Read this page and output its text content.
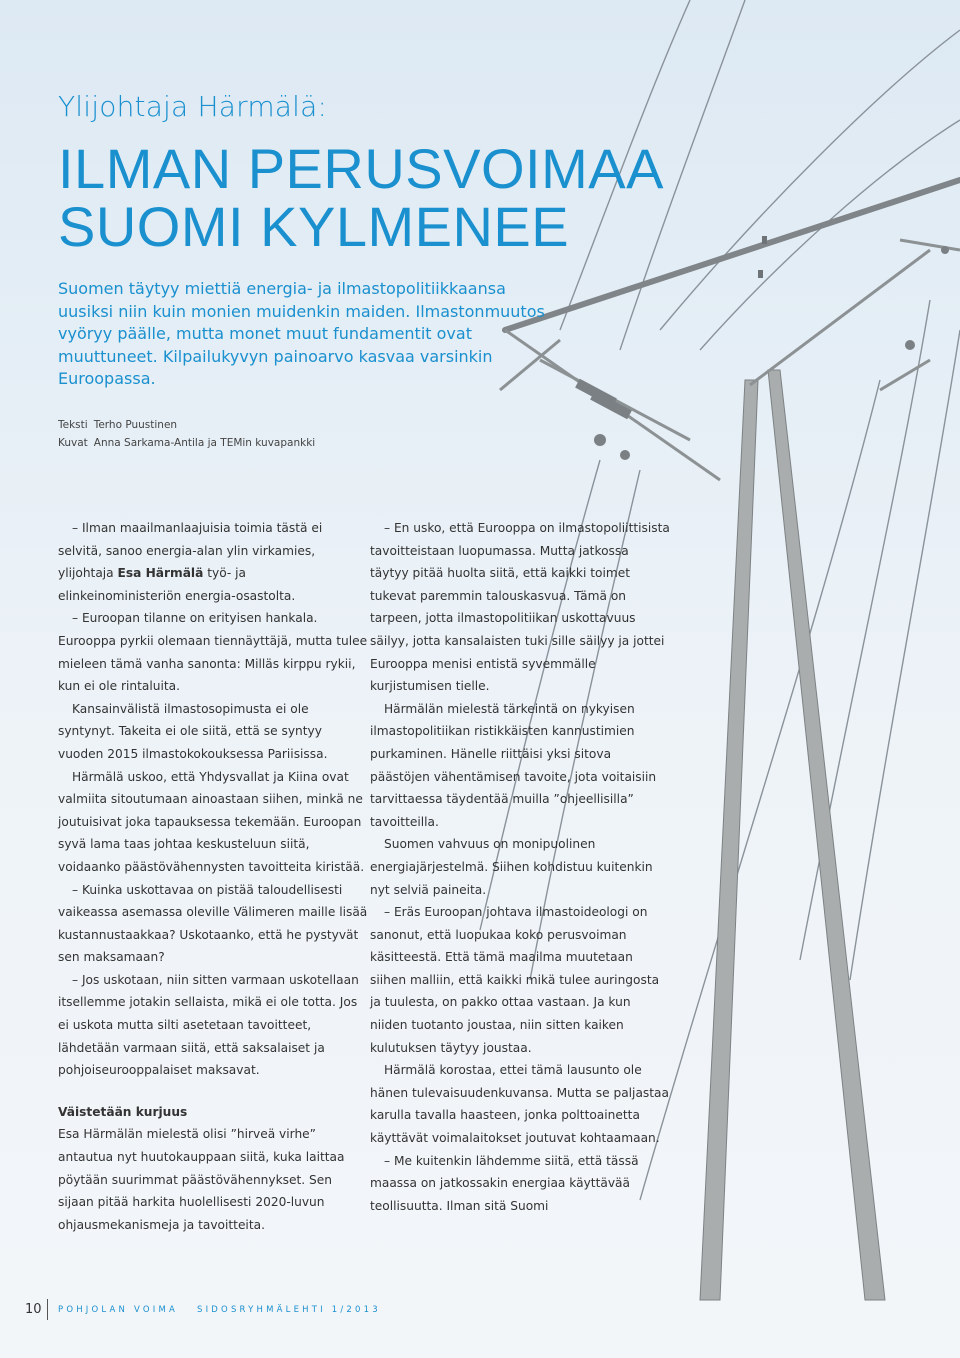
Ylijohtaja Härmälä:
ILMAN PERUSVOIMAA
SUOMI KYLMENEE

Suomen täytyy miettiä energia- ja ilmastopolitiikkaansa uusiksi niin kuin monien muidenkin maiden. Ilmastonmuutos vyöryy päälle, mutta monet muut fundamentit ovat muuttuneet. Kilpailukyvyn painoarvo kasvaa varsinkin Euroopassa.

Teksti Terho Puustinen
Kuvat Anna Sarkama-Antila ja TEMin kuvapankki

– Ilman maailmanlaajuisia toimia tästä ei selvitä, sanoo energia-alan ylin virkamies, ylijohtaja Esa Härmälä työ- ja elinkeinoministeriön energia-osastolta.

– Euroopan tilanne on erityisen hankala. Eurooppa pyrkii olemaan tiennäyttäjä, mutta tulee mieleen tämä vanha sanonta: Milläs kirppu rykii, kun ei ole rintaluita.

Kansainvälistä ilmastosopimusta ei ole syntynyt. Takeita ei ole siitä, että se syntyy vuoden 2015 ilmastokokouksessa Pariisissa.

Härmälä uskoo, että Yhdysvallat ja Kiina ovat valmiita sitoutumaan ainoastaan siihen, minkä ne joutuisivat joka tapauksessa tekemään. Euroopan syvä lama taas johtaa keskusteluun siitä, voidaanko päästövähennysten tavoitteita kiristää.

– Kuinka uskottavaa on pistää taloudellisesti vaikeassa asemassa oleville Välimeren maille lisää kustannustaakkaa? Uskotaanko, että he pystyvät sen maksamaan?

– Jos uskotaan, niin sitten varmaan uskotellaan itsellemme jotakin sellaista, mikä ei ole totta. Jos ei uskota mutta silti asetetaan tavoitteet, lähdetään varmaan siitä, että saksalaiset ja pohjoiseurooppalaiset maksavat.

Väistetään kurjuus

Esa Härmälän mielestä olisi ”hirveä virhe” antautua nyt huutokauppaan siitä, kuka laittaa pöytään suurimmat päästövähennykset. Sen sijaan pitää harkita huolellisesti 2020-luvun ohjausmekanismeja ja tavoitteita.

– En usko, että Eurooppa on ilmastopoliittisista tavoitteistaan luopumassa. Mutta jatkossa täytyy pitää huolta siitä, että kaikki toimet tukevat paremmin talouskasvua. Tämä on tarpeen, jotta ilmastopolitiikan uskottavuus säilyy, jotta kansalaisten tuki sille säilyy ja jottei Eurooppa menisi entistä syvemmälle kurjistumisen tielle.

Härmälän mielestä tärkeintä on nykyisen ilmastopolitiikan ristikkäisten kannustimien purkaminen. Hänelle riittäisi yksi sitova päästöjen vähentämisen tavoite, jota voitaisiin tarvittaessa täydentää muilla ”ohjeellisilla” tavoitteilla.

Suomen vahvuus on monipuolinen energiajärjestelmä. Siihen kohdistuu kuitenkin nyt selviä paineita.

– Eräs Euroopan johtava ilmastoideologi on sanonut, että luopukaa koko perusvoiman käsitteestä. Että tämä maailma muutetaan siihen malliin, että kaikki mikä tulee auringosta ja tuulesta, on pakko ottaa vastaan. Ja kun niiden tuotanto joustaa, niin sitten kaiken kulutuksen täytyy joustaa.

Härmälä korostaa, ettei tämä lausunto ole hänen tulevaisuudenkuvansa. Mutta se paljastaa karulla tavalla haasteen, jonka polttoainetta käyttävät voimalaitokset joutuvat kohtaamaan.

– Me kuitenkin lähdemme siitä, että tässä maassa on jatkossakin energiaa käyttävää teollisuutta. Ilman sitä Suomi

10 POHJOLAN VOIMA SIDOSRYHMÄLEHTI 1/2013
